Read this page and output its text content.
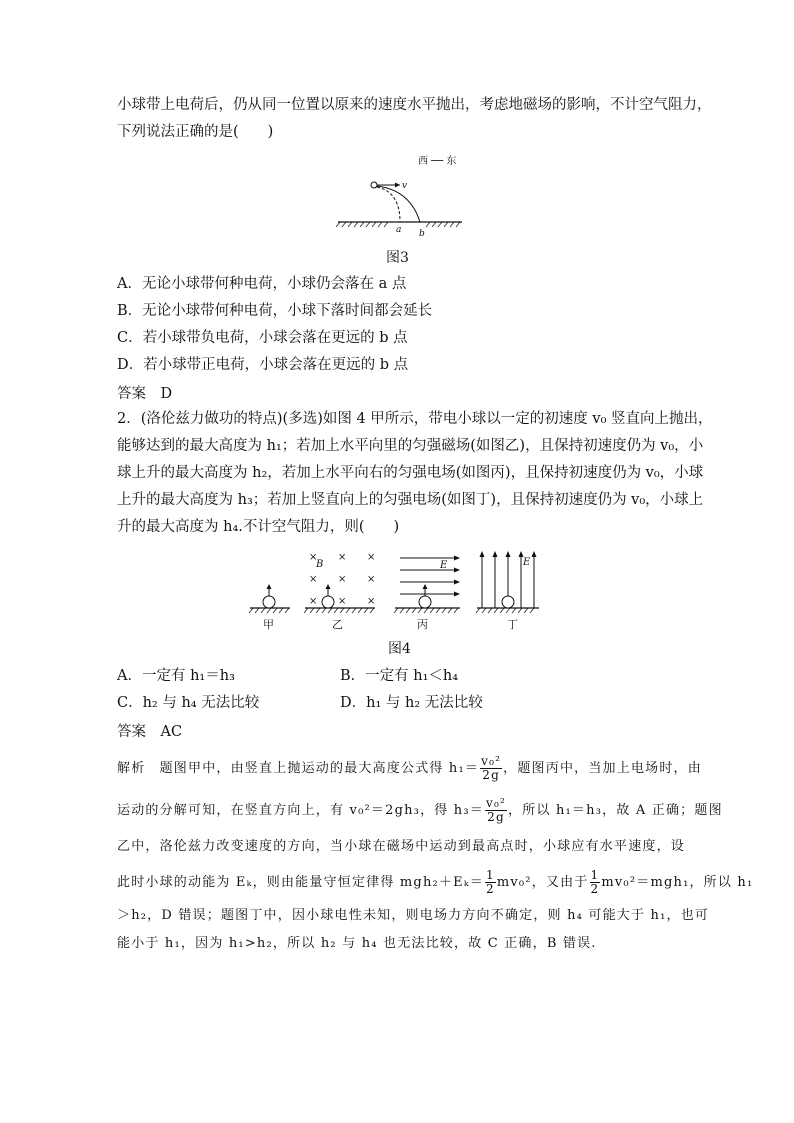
小球带上电荷后，仍从同一位置以原来的速度水平抛出，考虑地磁场的影响，不计空气阻力，
下列说法正确的是(　　)
西 ── 东
v
a b
图3
A．无论小球带何种电荷，小球仍会落在 a 点
B．无论小球带何种电荷，小球下落时间都会延长
C．若小球带负电荷，小球会落在更远的 b 点
D．若小球带正电荷，小球会落在更远的 b 点
答案　D
2．(洛伦兹力做功的特点)(多选)如图 4 甲所示，带电小球以一定的初速度 v₀ 竖直向上抛出，
能够达到的最大高度为 h₁；若加上水平向里的匀强磁场(如图乙)，且保持初速度仍为 v₀，小
球上升的最大高度为 h₂，若加上水平向右的匀强电场(如图丙)，且保持初速度仍为 v₀，小球
上升的最大高度为 h₃；若加上竖直向上的匀强电场(如图丁)，且保持初速度仍为 v₀，小球上
升的最大高度为 h₄.不计空气阻力，则(　　)
甲
× × ×
× × ×
× × ×
B
乙
E
丙
E
丁
图4
A．一定有 h₁＝h₃	B．一定有 h₁＜h₄
C．h₂ 与 h₄ 无法比较	D．h₁ 与 h₂ 无法比较
答案　AC
解析　题图甲中，由竖直上抛运动的最大高度公式得 $h_1= \frac{\text{v₀²}}{2g}$ ，题图丙中，当加上电场时，由
运动的分解可知，在竖直方向上，有 v₀²＝2gh₃，得 $h_3= \frac{\text{v₀²}}{2g}$ ，所以 h₁＝h₃，故 A 正确；题图
乙中，洛伦兹力改变速度的方向，当小球在磁场中运动到最高点时，小球应有水平速度，设
此时小球的动能为 Eₖ，则由能量守恒定律得 $mgh_2+E_k= \frac{1}{2} mv_0^2$，又由于 $\frac{1}{2} mv_0^2=mgh_1$，所以 h₁
＞h₂，D 错误；题图丁中，因小球电性未知，则电场力方向不确定，则 h₄ 可能大于 h₁，也可
能小于 h₁，因为 h₁>h₂，所以 h₂ 与 h₄ 也无法比较，故 C 正确，B 错误.
